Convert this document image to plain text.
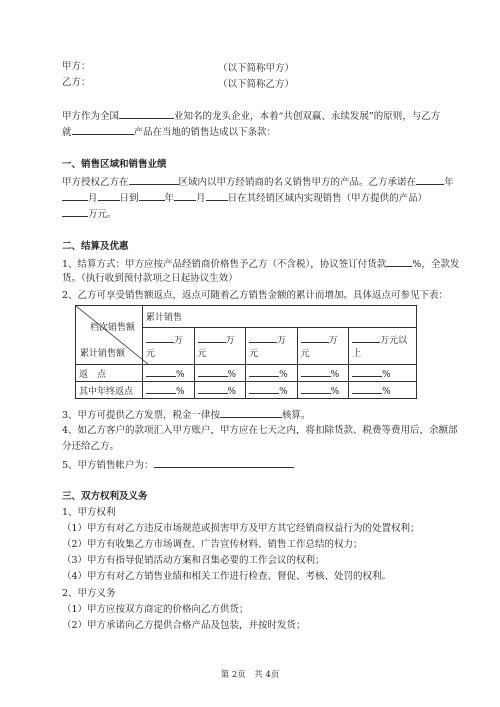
甲方：	（以下简称甲方）
乙方：	（以下简称乙方）
甲方作为全国	业知名的龙头企业，本着“共创双赢、永续发展”的原则，与乙方
就	产品在当地的销售达成以下条款：
一、销售区域和销售业绩
甲方授权乙方在	区域内以甲方经销商的名义销售甲方的产品。乙方承诺在	年
月 日到	年 月 日在其经销区域内实现销售（甲方提供的产品）
万元。
二、结算及优惠
1、结算方式：甲方应按产品经销商价格售予乙方（不含税），协议签订付货款	%，全款发
货。（执行收到预付款项之日起协议生效）
2、乙方可享受销售额返点，返点可随着乙方销售金额的累计而增加。具体返点可参见下表：
档次销售额
累计销售额	累计销售				
	万元	万元	万元	万元	万元以上
返　点	%	%	%	%	%
其中年终返点	%	%	%	%	%
3、甲方可提供乙方发票，税金一律按	核算。
4、如乙方客户的款项汇入甲方账户，甲方应在七天之内，将扣除货款、税费等费用后，余额部
分还给乙方。
5、甲方销售帐户为：
三、双方权利及义务
1、甲方权利
（1）甲方有对乙方违反市场规范或损害甲方及甲方其它经销商权益行为的处置权利；
（2）甲方有收集乙方市场调查、广告宣传材料、销售工作总结的权力；
（3）甲方有指导促销活动方案和召集必要的工作会议的权利；
（4）甲方有对乙方销售业绩和相关工作进行检查、督促、考核、处罚的权利。
2、甲方义务
（1）甲方应按双方商定的价格向乙方供货；
（2）甲方承诺向乙方提供合格产品及包装，并按时发货；
第 2页　共 4页
